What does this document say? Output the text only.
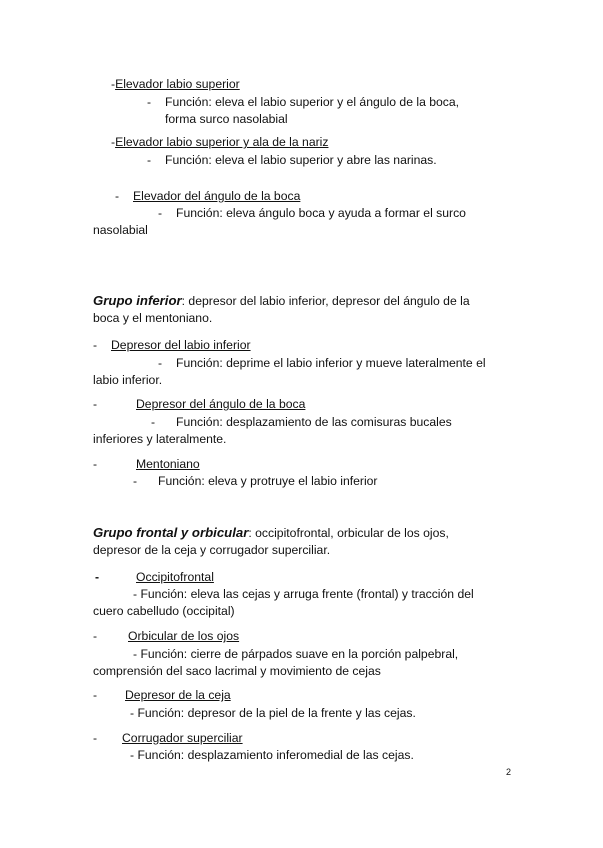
-Elevador labio superior
- Función: eleva el labio superior y el ángulo de la boca,
forma surco nasolabial
-Elevador labio superior y ala de la nariz
- Función: eleva el labio superior y abre las narinas.
- Elevador del ángulo de la boca
- Función: eleva ángulo boca y ayuda a formar el surco
nasolabial
Grupo inferior: depresor del labio inferior, depresor del ángulo de la
boca y el mentoniano.
- Depresor del labio inferior
- Función: deprime el labio inferior y mueve lateralmente el
labio inferior.
-	Depresor del ángulo de la boca
- Función: desplazamiento de las comisuras bucales
inferiores y lateralmente.
-	Mentoniano
- Función: eleva y protruye el labio inferior
Grupo frontal y orbicular: occipitofrontal, orbicular de los ojos,
depresor de la ceja y corrugador superciliar.
-	Occipitofrontal
- Función: eleva las cejas y arruga frente (frontal) y tracción del
cuero cabelludo (occipital)
-	Orbicular de los ojos
- Función: cierre de párpados suave en la porción palpebral,
comprensión del saco lacrimal y movimiento de cejas
- Depresor de la ceja
- Función: depresor de la piel de la frente y las cejas.
- Corrugador superciliar
- Función: desplazamiento inferomedial de las cejas.
2
